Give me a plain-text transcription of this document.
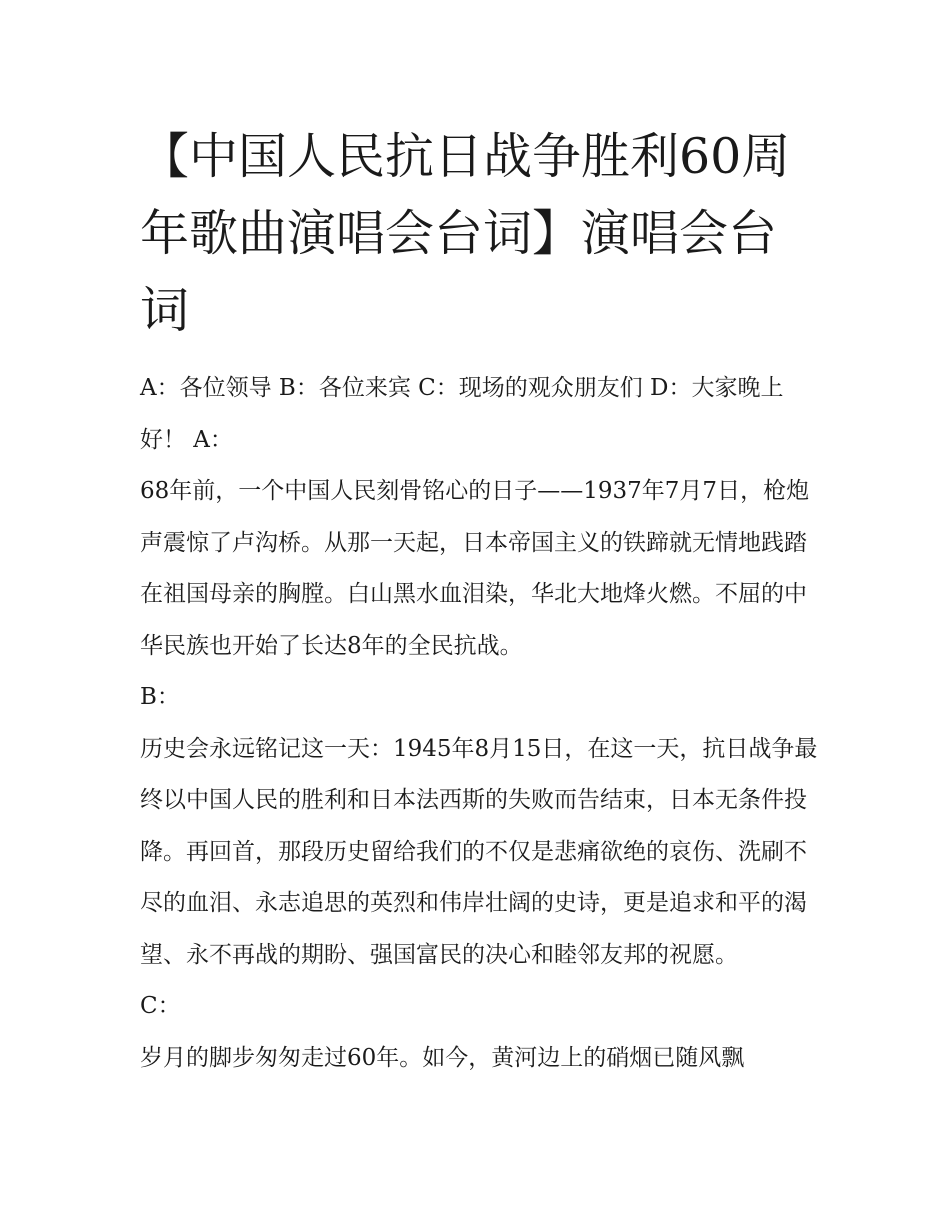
【中国人民抗日战争胜利60周年歌曲演唱会台词】演唱会台词

A：各位领导 B：各位来宾 C：现场的观众朋友们 D：大家晚上好！ A：

68年前，一个中国人民刻骨铭心的日子——1937年7月7日，枪炮声震惊了卢沟桥。从那一天起，日本帝国主义的铁蹄就无情地践踏在祖国母亲的胸膛。白山黑水血泪染，华北大地烽火燃。不屈的中华民族也开始了长达8年的全民抗战。

B：

历史会永远铭记这一天：1945年8月15日，在这一天，抗日战争最终以中国人民的胜利和日本法西斯的失败而告结束，日本无条件投降。再回首，那段历史留给我们的不仅是悲痛欲绝的哀伤、洗刷不尽的血泪、永志追思的英烈和伟岸壮阔的史诗，更是追求和平的渴望、永不再战的期盼、强国富民的决心和睦邻友邦的祝愿。

C：

岁月的脚步匆匆走过60年。如今，黄河边上的硝烟已随风飘
